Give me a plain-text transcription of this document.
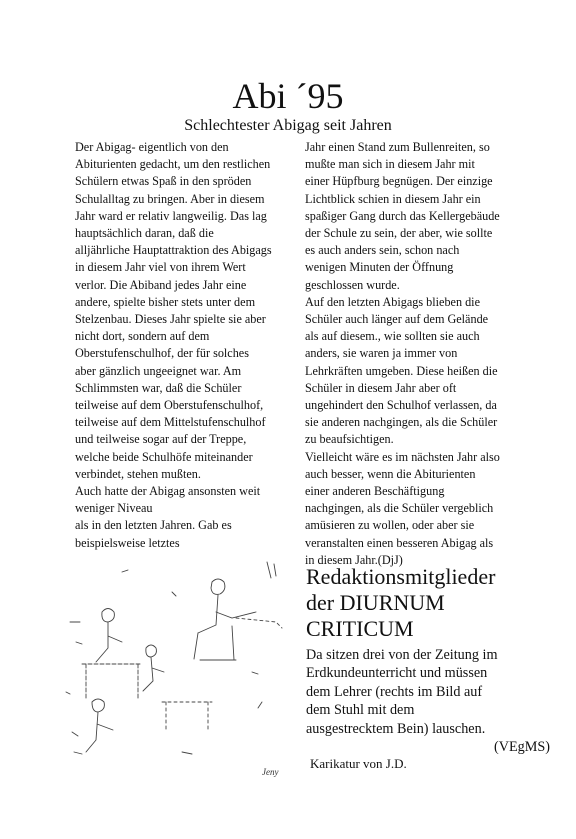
Abi ´95
Schlechtester Abigag seit Jahren
Der Abigag- eigentlich von den
Abiturienten gedacht, um den restlichen
Schülern etwas Spaß in den spröden
Schulalltag zu bringen. Aber in diesem
Jahr ward er relativ langweilig. Das lag
hauptsächlich daran, daß die
alljährliche Hauptattraktion des Abigags
in diesem Jahr viel von ihrem Wert
verlor. Die Abiband jedes Jahr eine
andere, spielte bisher stets unter dem
Stelzenbau. Dieses Jahr spielte sie aber
nicht dort, sondern auf dem
Oberstufenschulhof, der für solches
aber gänzlich ungeeignet war. Am
Schlimmsten war, daß die Schüler
teilweise auf dem Oberstufenschulhof,
teilweise auf dem Mittelstufenschulhof
und teilweise sogar auf der Treppe,
welche beide Schulhöfe miteinander
verbindet, stehen mußten.
Auch hatte der Abigag ansonsten weit
weniger Niveau
als in den letzten Jahren. Gab es
beispielsweise letztes
Jahr einen Stand zum Bullenreiten, so
mußte man sich in diesem Jahr mit
einer Hüpfburg begnügen. Der einzige
Lichtblick schien in diesem Jahr ein
spaßiger Gang durch das Kellergebäude
der Schule zu sein, der aber, wie sollte
es auch anders sein, schon nach
wenigen Minuten der Öffnung
geschlossen wurde.
Auf den letzten Abigags blieben die
Schüler auch länger auf dem Gelände
als auf diesem., wie sollten sie auch
anders, sie waren ja immer von
Lehrkräften umgeben. Diese heißen die
Schüler in diesem Jahr aber oft
ungehindert den Schulhof verlassen, da
sie anderen nachgingen, als die Schüler
zu beaufsichtigen.
Vielleicht wäre es im nächsten Jahr also
auch besser, wenn die Abiturienten
einer anderen Beschäftigung
nachgingen, als die Schüler vergeblich
amüsieren zu wollen, oder aber sie
veranstalten einen besseren Abigag als
in diesem Jahr.(DjJ)
Jeny
Redaktionsmitglieder
der DIURNUM
CRITICUM
Da sitzen drei von der Zeitung im
Erdkundeunterricht und müssen
dem Lehrer (rechts im Bild auf
dem Stuhl mit dem
ausgestrecktem Bein) lauschen.
(VEgMS)
Karikatur von J.D.
